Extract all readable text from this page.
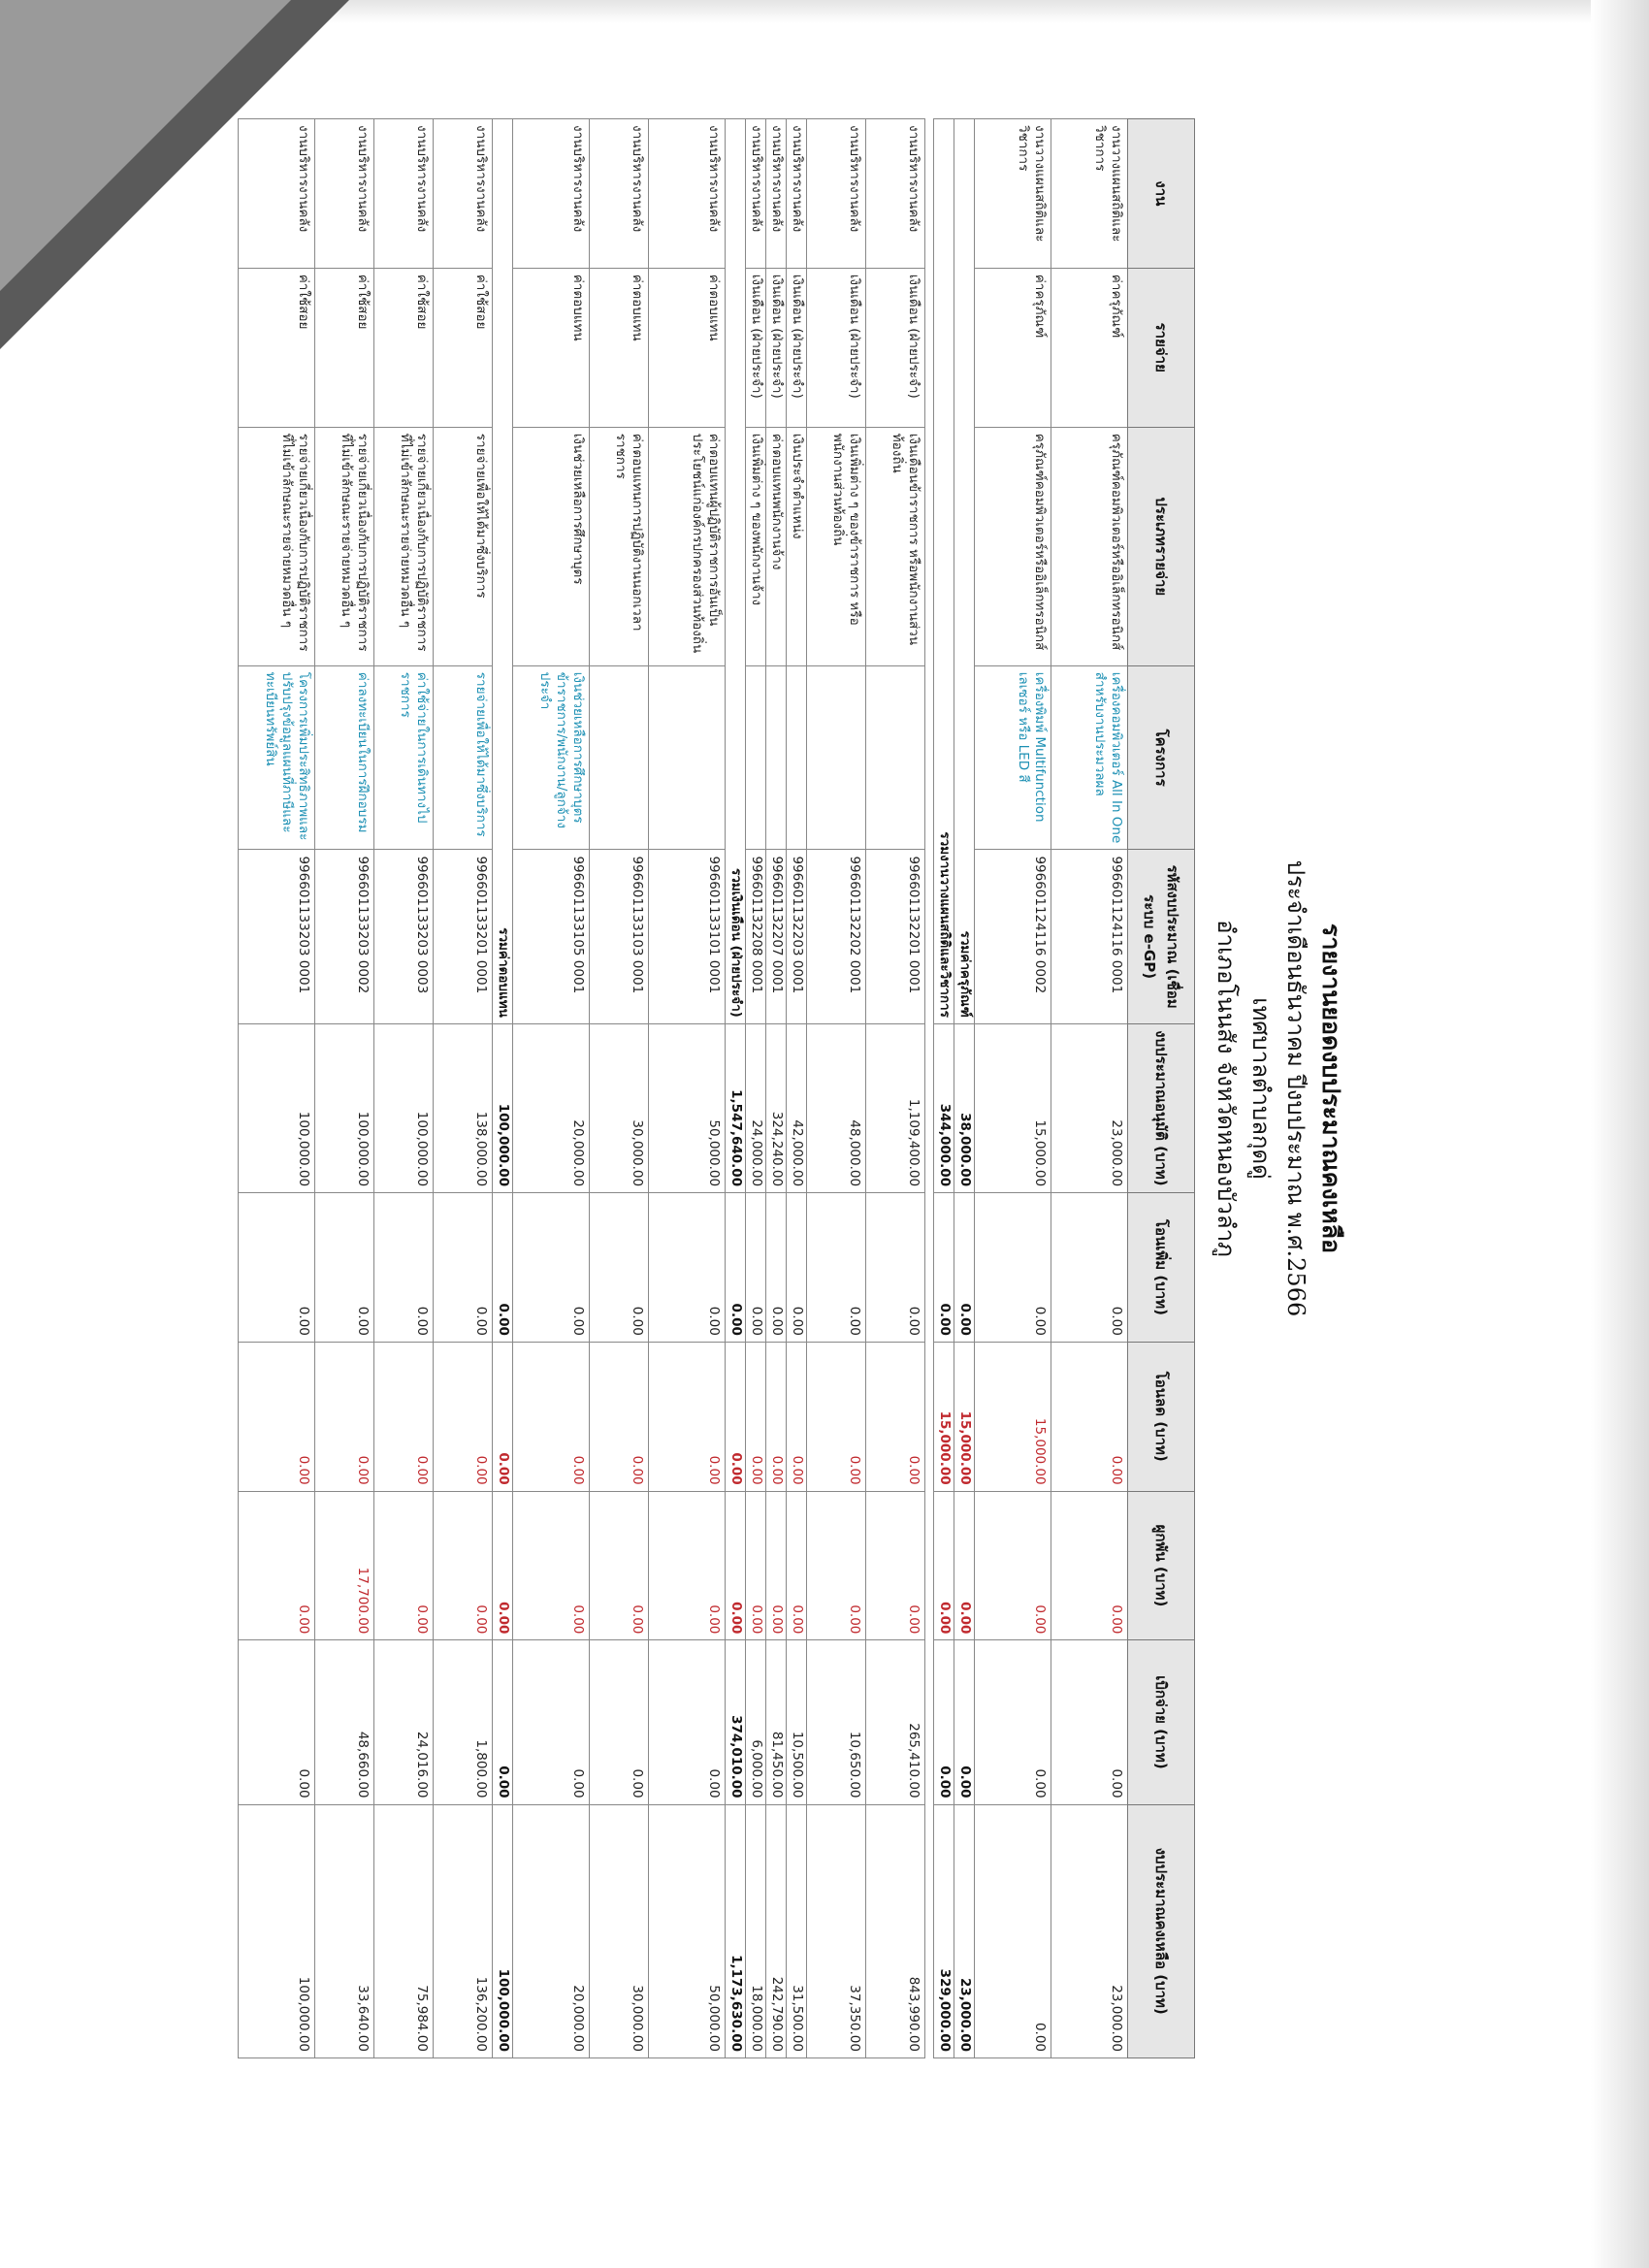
รายงานยอดงบประมาณคงเหลือ
ประจำเดือนธันวาคม ปีงบประมาณ พ.ศ.2566
เทศบาลตำบลกุดดู่
อำเภอโนนสัง จังหวัดหนองบัวลำภู
งาน	รายจ่าย	ประเภทรายจ่าย	โครงการ	รหัสงบประมาณ (เชื่อมระบบ e-GP)	งบประมาณอนุมัติ (บาท)	โอนเพิ่ม (บาท)	โอนลด (บาท)	ผูกพัน (บาท)	เบิกจ่าย (บาท)	งบประมาณคงเหลือ (บาท)
งานวางแผนสถิติและวิชาการ	ค่าครุภัณฑ์	ครุภัณฑ์คอมพิวเตอร์หรืออิเล็กทรอนิกส์	เครื่องคอมพิวเตอร์ All In One สำหรับงานประมวลผล	996601124116 0001	23,000.00	0.00	0.00	0.00	0.00	23,000.00
งานวางแผนสถิติและวิชาการ	ค่าครุภัณฑ์	ครุภัณฑ์คอมพิวเตอร์หรืออิเล็กทรอนิกส์	เครื่องพิมพ์ Multifunction เลเซอร์ หรือ LED สี	996601124116 0002	15,000.00	0.00	15,000.00	0.00	0.00	0.00
รวมค่าครุภัณฑ์					38,000.00	0.00	15,000.00	0.00	0.00	23,000.00
รวมงานวางแผนสถิติและวิชาการ					344,000.00	0.00	15,000.00	0.00	0.00	329,000.00

งานบริหารงานคลัง	เงินเดือน (ฝ่ายประจำ)	เงินเดือนข้าราชการ หรือพนักงานส่วนท้องถิ่น		996601132201 0001	1,109,400.00	0.00	0.00	0.00	265,410.00	843,990.00
งานบริหารงานคลัง	เงินเดือน (ฝ่ายประจำ)	เงินเพิ่มต่าง ๆ ของข้าราชการ หรือพนักงานส่วนท้องถิ่น		996601132202 0001	48,000.00	0.00	0.00	0.00	10,650.00	37,350.00
งานบริหารงานคลัง	เงินเดือน (ฝ่ายประจำ)	เงินประจำตำแหน่ง		996601132203 0001	42,000.00	0.00	0.00	0.00	10,500.00	31,500.00
งานบริหารงานคลัง	เงินเดือน (ฝ่ายประจำ)	ค่าตอบแทนพนักงานจ้าง		996601132207 0001	324,240.00	0.00	0.00	0.00	81,450.00	242,790.00
งานบริหารงานคลัง	เงินเดือน (ฝ่ายประจำ)	เงินเพิ่มต่าง ๆ ของพนักงานจ้าง		996601132208 0001	24,000.00	0.00	0.00	0.00	6,000.00	18,000.00
รวมเงินเดือน (ฝ่ายประจำ)					1,547,640.00	0.00	0.00	0.00	374,010.00	1,173,630.00
งานบริหารงานคลัง	ค่าตอบแทน	ค่าตอบแทนผู้ปฏิบัติราชการอันเป็นประโยชน์แก่องค์กรปกครองส่วนท้องถิ่น		996601133101 0001	50,000.00	0.00	0.00	0.00	0.00	50,000.00
งานบริหารงานคลัง	ค่าตอบแทน	ค่าตอบแทนการปฏิบัติงานนอกเวลาราชการ		996601133103 0001	30,000.00	0.00	0.00	0.00	0.00	30,000.00
งานบริหารงานคลัง	ค่าตอบแทน	เงินช่วยเหลือการศึกษาบุตร	เงินช่วยเหลือการศึกษาบุตรข้าราชการ/พนักงาน/ลูกจ้างประจำ	996601133105 0001	20,000.00	0.00	0.00	0.00	0.00	20,000.00
รวมค่าตอบแทน					100,000.00	0.00	0.00	0.00	0.00	100,000.00
งานบริหารงานคลัง	ค่าใช้สอย	รายจ่ายเพื่อให้ได้มาซึ่งบริการ	รายจ่ายเพื่อให้ได้มาซึ่งบริการ	996601133201 0001	138,000.00	0.00	0.00	0.00	1,800.00	136,200.00
งานบริหารงานคลัง	ค่าใช้สอย	รายจ่ายเกี่ยวเนื่องกับการปฏิบัติราชการที่ไม่เข้าลักษณะรายจ่ายหมวดอื่น ๆ	ค่าใช้จ่ายในการเดินทางไปราชการ	996601133203 0003	100,000.00	0.00	0.00	0.00	24,016.00	75,984.00
งานบริหารงานคลัง	ค่าใช้สอย	รายจ่ายเกี่ยวเนื่องกับการปฏิบัติราชการที่ไม่เข้าลักษณะรายจ่ายหมวดอื่น ๆ	ค่าลงทะเบียนในการฝึกอบรม	996601133203 0002	100,000.00	0.00	0.00	17,700.00	48,660.00	33,640.00
งานบริหารงานคลัง	ค่าใช้สอย	รายจ่ายเกี่ยวเนื่องกับการปฏิบัติราชการที่ไม่เข้าลักษณะรายจ่ายหมวดอื่น ๆ	โครงการเพิ่มประสิทธิภาพและปรับปรุงข้อมูลแผนที่ภาษีและทะเบียนทรัพย์สิน	996601133203 0001	100,000.00	0.00	0.00	0.00	0.00	100,000.00
